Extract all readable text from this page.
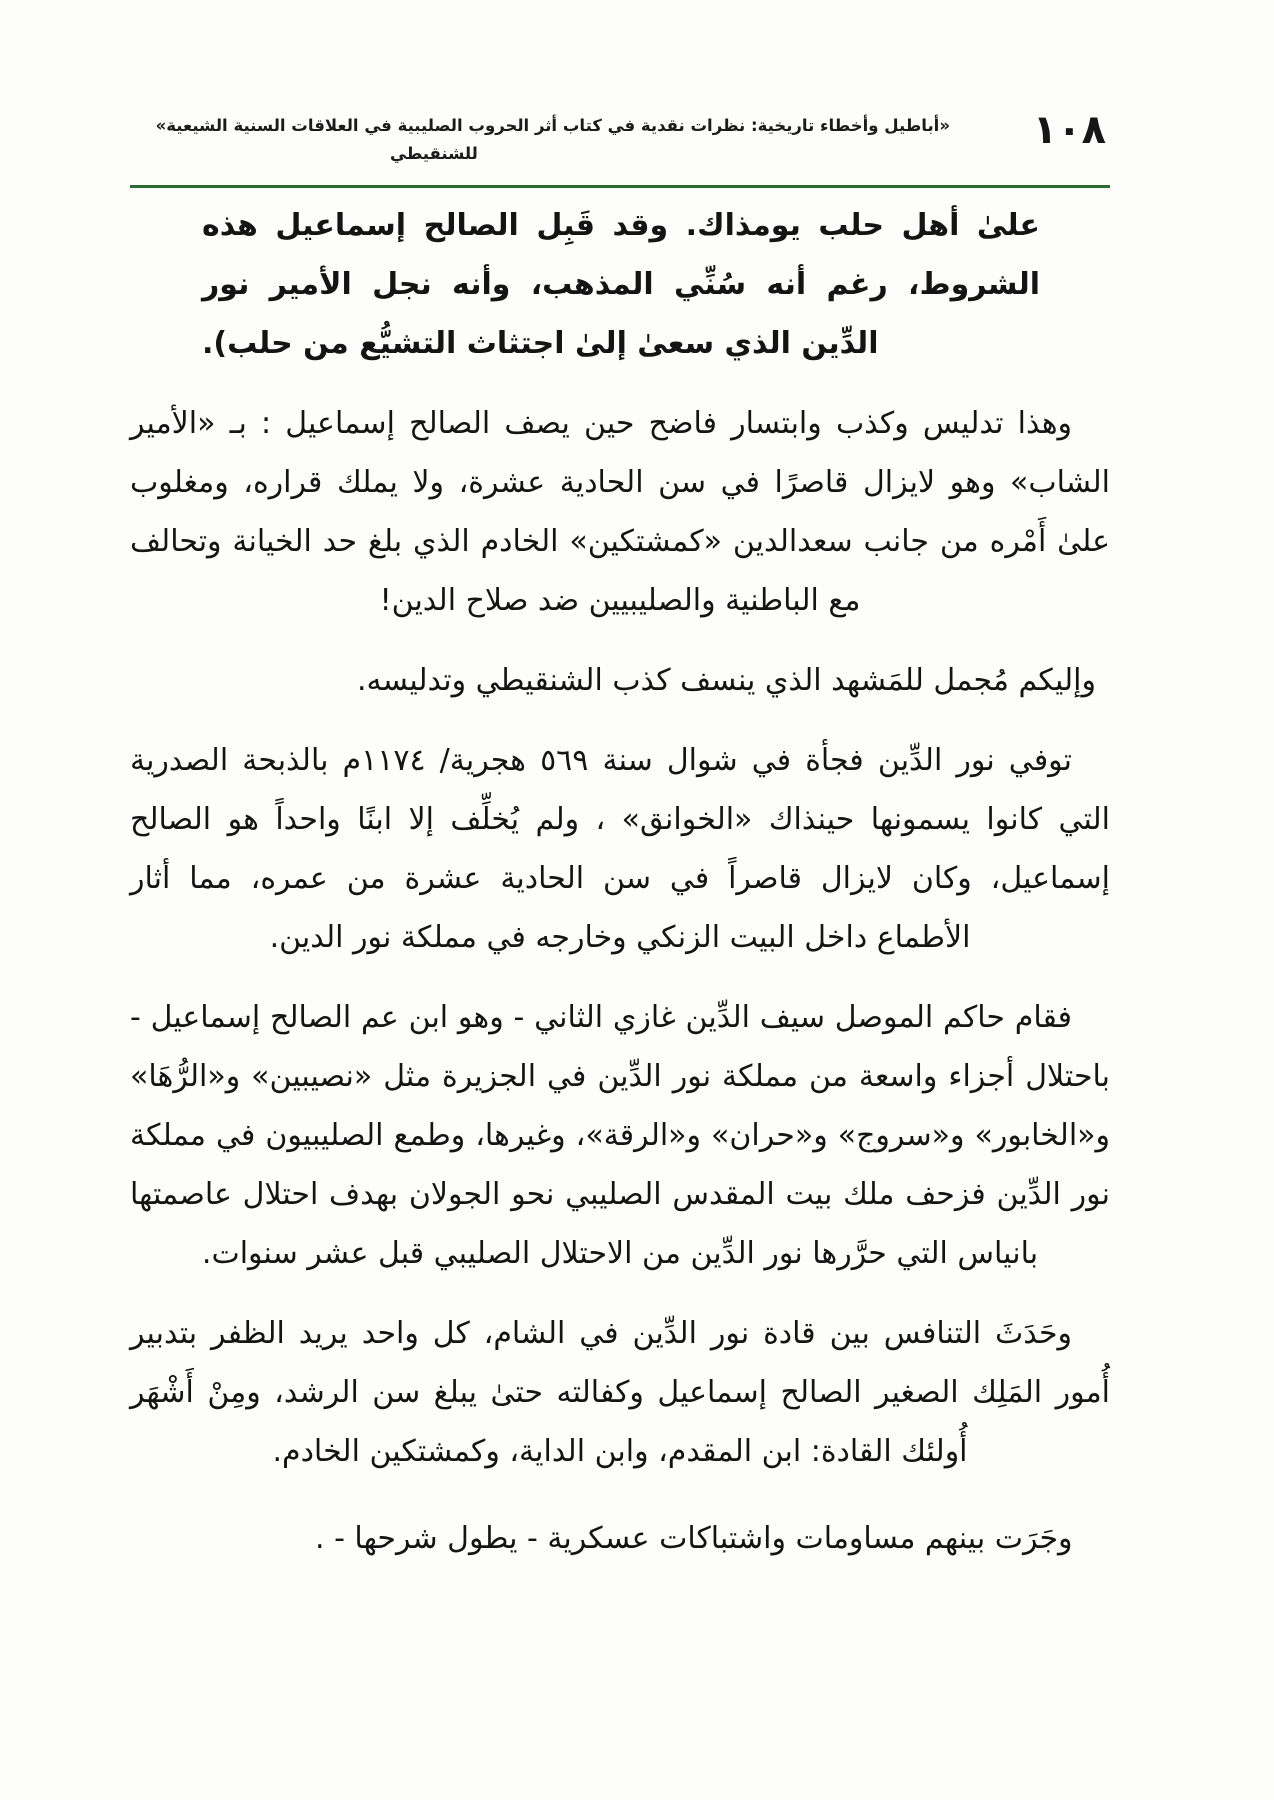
«أباطيل وأخطاء تاريخية: نظرات نقدية في كتاب أثر الحروب الصليبية في العلاقات السنية الشيعية»
للشنقيطي
١٠٨

علىٰ أهل حلب يومذاك. وقد قَبِل الصالح إسماعيل هذه الشروط، رغم أنه سُنِّي المذهب، وأنه نجل الأمير نور الدِّين الذي سعىٰ إلىٰ اجتثاث التشيُّع من حلب).

وهذا تدليس وكذب وابتسار فاضح حين يصف الصالح إسماعيل : بـ «الأمير الشاب» وهو لايزال قاصرًا في سن الحادية عشرة، ولا يملك قراره، ومغلوب علىٰ أَمْره من جانب سعدالدين «كمشتكين» الخادم الذي بلغ حد الخيانة وتحالف مع الباطنية والصليبيين ضد صلاح الدين!

وإليكم مُجمل للمَشهد الذي ينسف كذب الشنقيطي وتدليسه.

توفي نور الدِّين فجأة في شوال سنة ٥٦٩ هجرية/ ١١٧٤م بالذبحة الصدرية التي كانوا يسمونها حينذاك «الخوانق» ، ولم يُخلِّف إلا ابنًا واحداً هو الصالح إسماعيل، وكان لايزال قاصراً في سن الحادية عشرة من عمره، مما أثار الأطماع داخل البيت الزنكي وخارجه في مملكة نور الدين.

فقام حاكم الموصل سيف الدِّين غازي الثاني - وهو ابن عم الصالح إسماعيل - باحتلال أجزاء واسعة من مملكة نور الدِّين في الجزيرة مثل «نصيبين» و«الرُّهَا» و«الخابور» و«سروج» و«حران» و«الرقة»، وغيرها، وطمع الصليبيون في مملكة نور الدِّين فزحف ملك بيت المقدس الصليبي نحو الجولان بهدف احتلال عاصمتها بانياس التي حرَّرها نور الدِّين من الاحتلال الصليبي قبل عشر سنوات.

وحَدَثَ التنافس بين قادة نور الدِّين في الشام، كل واحد يريد الظفر بتدبير أُمور المَلِك الصغير الصالح إسماعيل وكفالته حتىٰ يبلغ سن الرشد، ومِنْ أَشْهَر أُولئك القادة: ابن المقدم، وابن الداية، وكمشتكين الخادم.

وجَرَت بينهم مساومات واشتباكات عسكرية - يطول شرحها - .
